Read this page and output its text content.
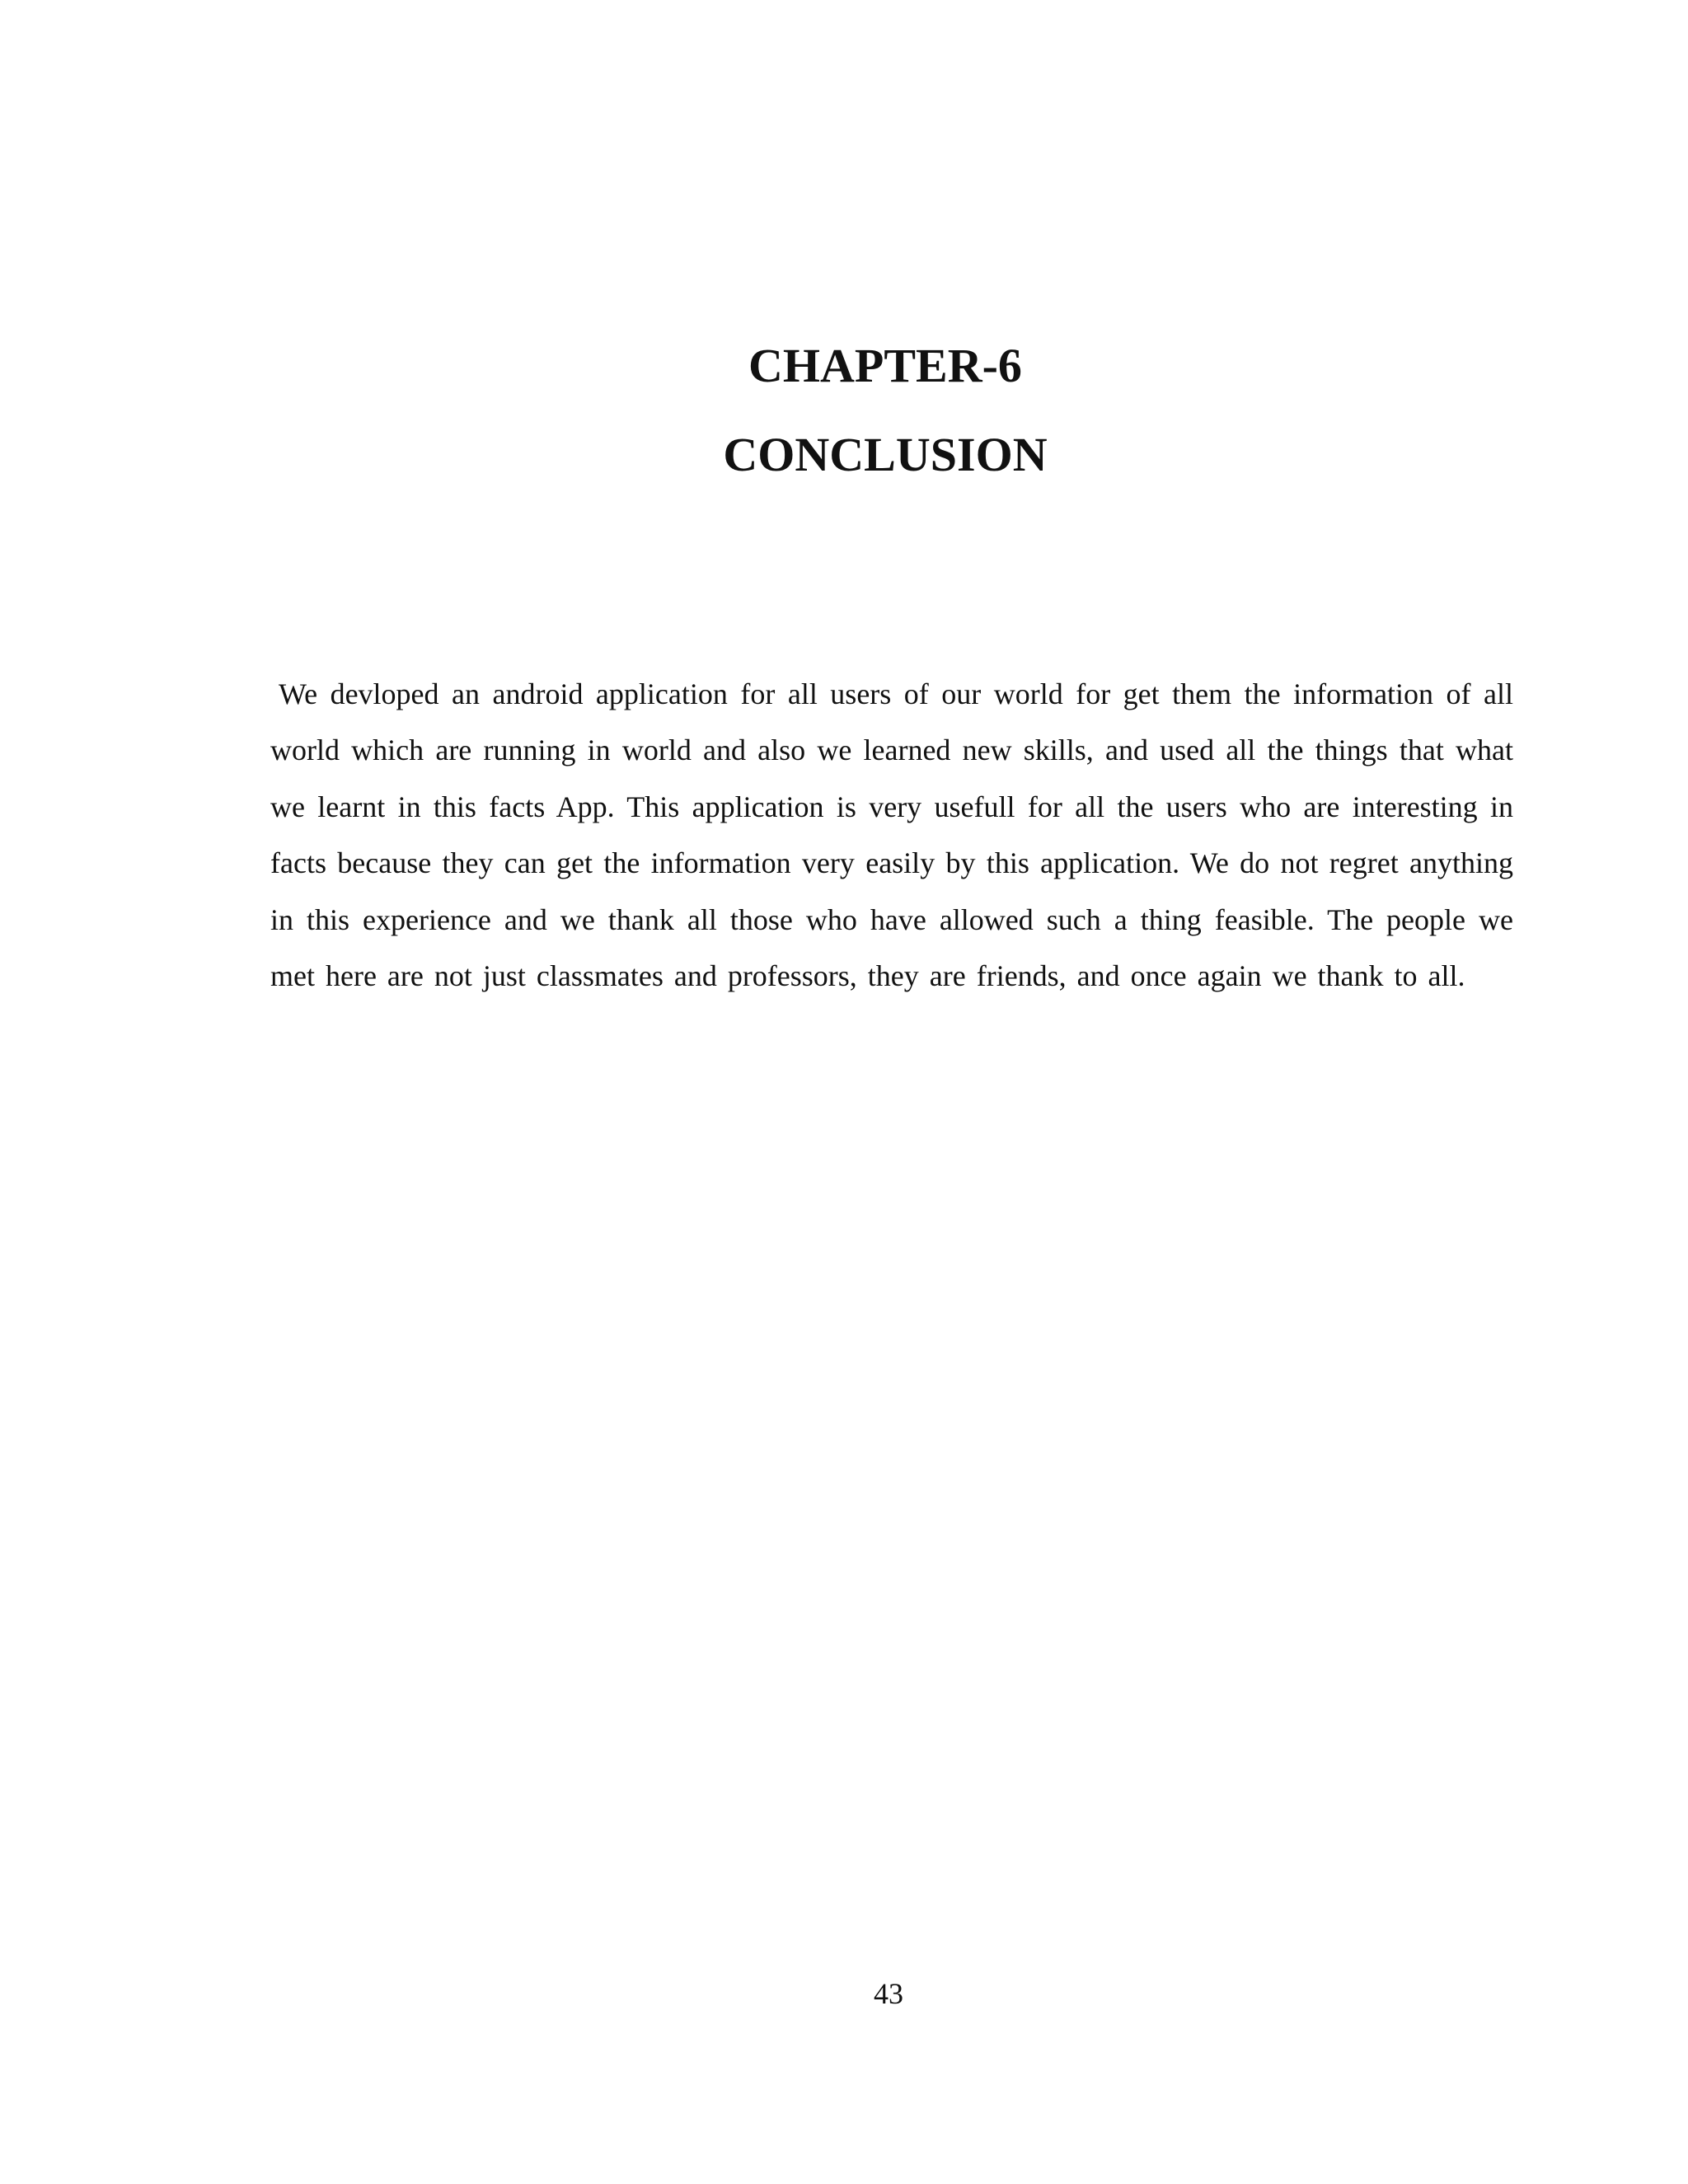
CHAPTER-6
CONCLUSION

We devloped an android application for all users of our world for get them the information of all world which are running in world and also we learned new skills, and used all the things that what we learnt in this facts App. This application is very usefull for all the users who are interesting in facts because they can get the information very easily by this application. We do not regret anything in this experience and we thank all those who have allowed such a thing feasible. The people we met here are not just classmates and professors, they are friends, and once again we thank to all.

43
